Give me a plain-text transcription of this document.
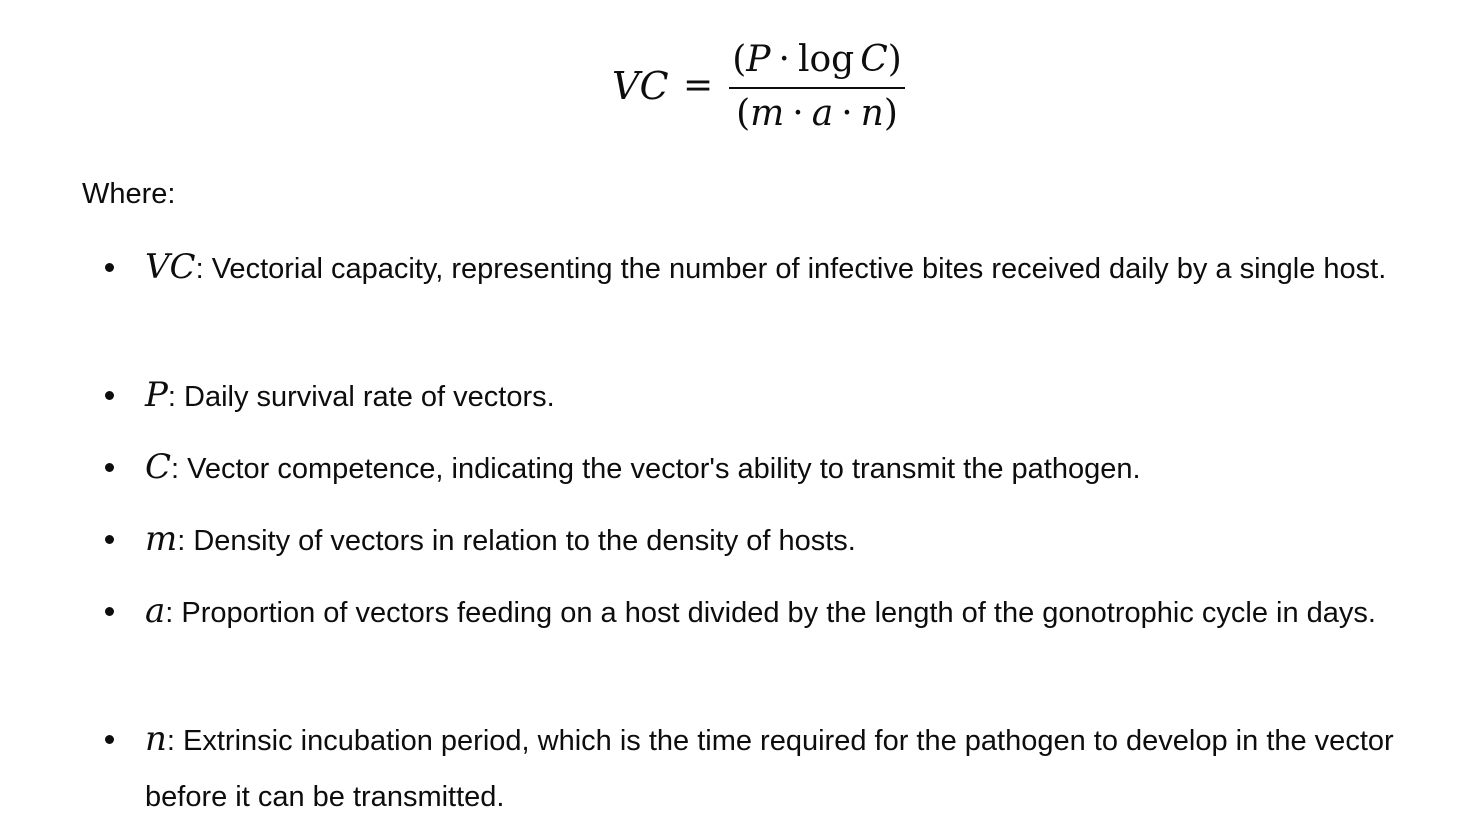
VC =
(P · log C)
(m · a · n)
Where:
VC: Vectorial capacity, representing the number of infective bites received daily by a single host.
P: Daily survival rate of vectors.
C: Vector competence, indicating the vector's ability to transmit the pathogen.
m: Density of vectors in relation to the density of hosts.
a: Proportion of vectors feeding on a host divided by the length of the gonotrophic cycle in days.
n: Extrinsic incubation period, which is the time required for the pathogen to develop in the vector before it can be transmitted.
